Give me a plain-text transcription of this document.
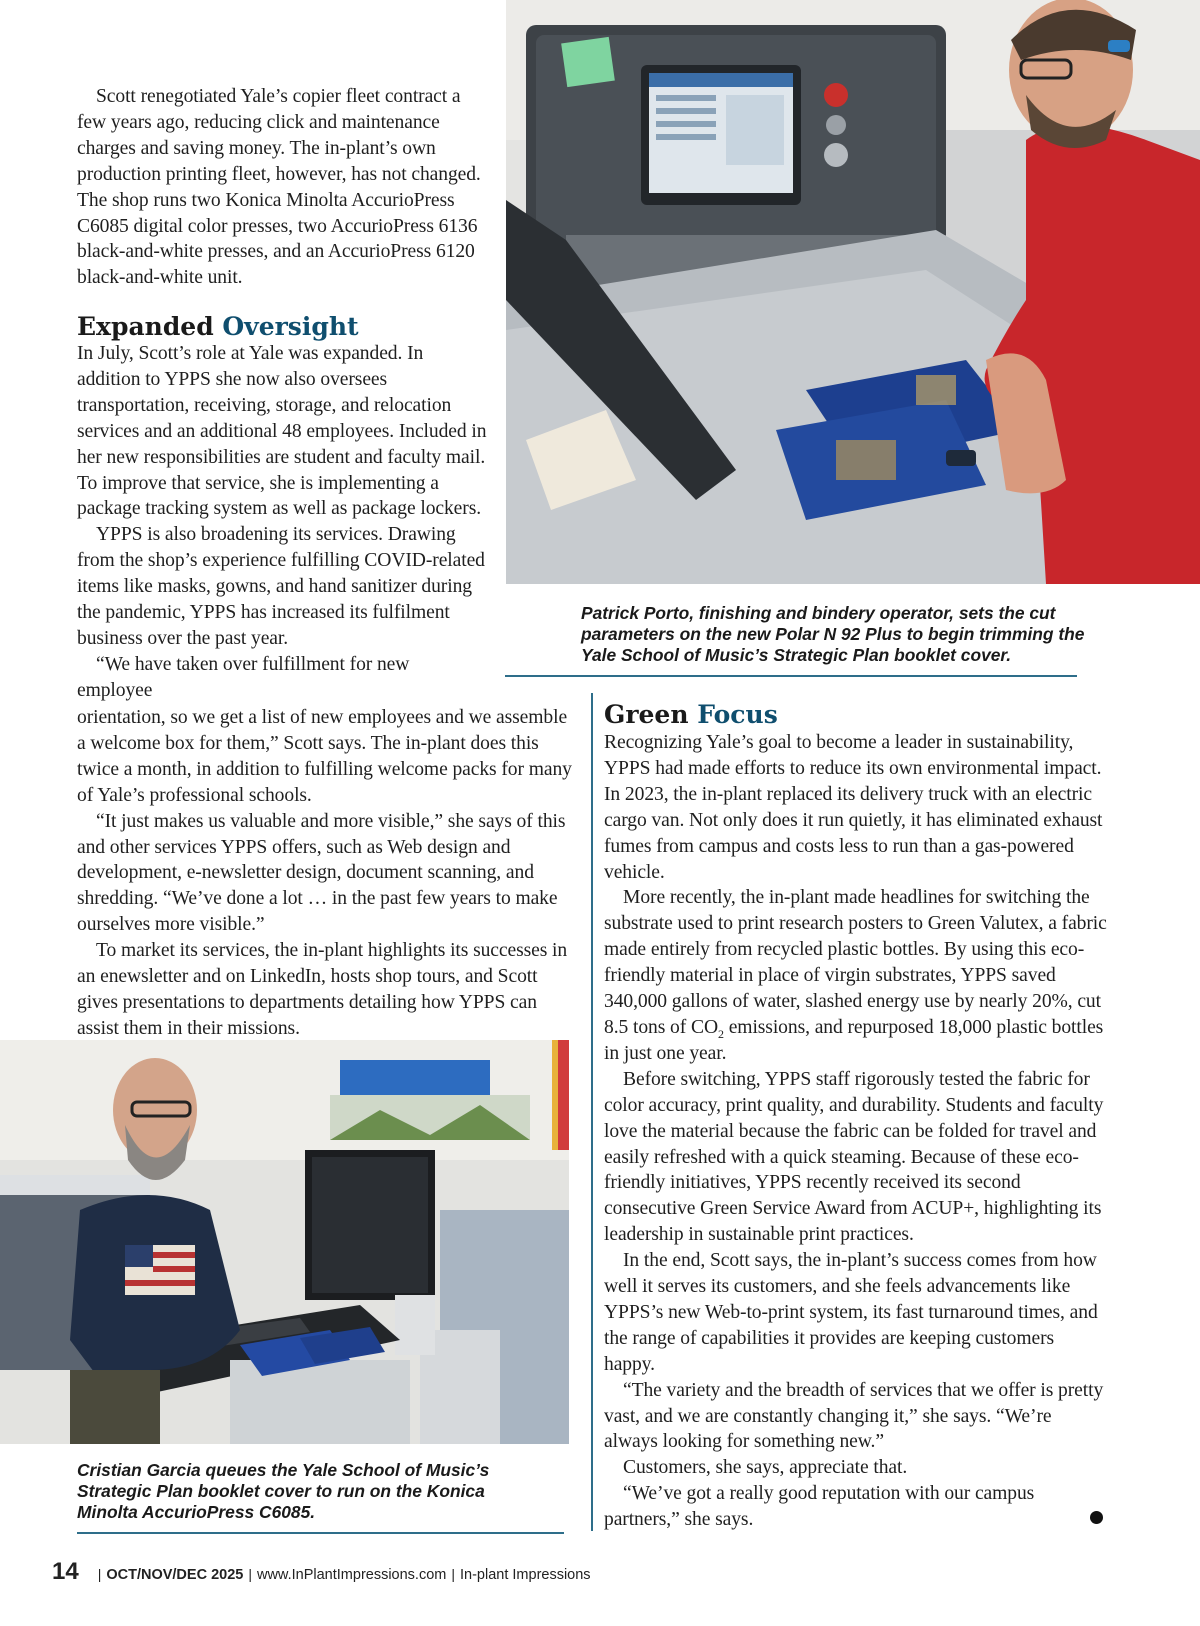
Scott renegotiated Yale’s copier fleet contract a few years ago, reducing click and maintenance charges and saving money. The in-plant’s own production printing fleet, however, has not changed. The shop runs two Konica Minolta AccurioPress C6085 digital color presses, two AccurioPress 6136 black-and-white presses, and an AccurioPress 6120 black-and-white unit.

Expanded Oversight

In July, Scott’s role at Yale was expanded. In addition to YPPS she now also oversees transportation, receiving, storage, and relocation services and an additional 48 employees. Included in her new responsibilities are student and faculty mail. To improve that service, she is implementing a package tracking system as well as package lockers.

YPPS is also broadening its services. Drawing from the shop’s experience fulfilling COVID-related items like masks, gowns, and hand sanitizer during the pandemic, YPPS has increased its fulfilment business over the past year.

“We have taken over fulfillment for new employee

orientation, so we get a list of new employees and we assemble a welcome box for them,” Scott says. The in-plant does this twice a month, in addition to fulfilling welcome packs for many of Yale’s professional schools.

“It just makes us valuable and more visible,” she says of this and other services YPPS offers, such as Web design and development, e-newsletter design, document scanning, and shredding. “We’ve done a lot … in the past few years to make ourselves more visible.”

To market its services, the in-plant highlights its successes in an enewsletter and on LinkedIn, hosts shop tours, and Scott gives presentations to departments detailing how YPPS can assist them in their missions.

Patrick Porto, finishing and bindery operator, sets the cut parameters on the new Polar N 92 Plus to begin trimming the Yale School of Music’s Strategic Plan booklet cover.

Cristian Garcia queues the Yale School of Music’s Strategic Plan booklet cover to run on the Konica Minolta AccurioPress C6085.

Green Focus

Recognizing Yale’s goal to become a leader in sustainability, YPPS had made efforts to reduce its own environmental impact. In 2023, the in-plant replaced its delivery truck with an electric cargo van. Not only does it run quietly, it has eliminated exhaust fumes from campus and costs less to run than a gas-powered vehicle.

More recently, the in-plant made headlines for switching the substrate used to print research posters to Green Valutex, a fabric made entirely from recycled plastic bottles. By using this eco-friendly material in place of virgin substrates, YPPS saved 340,000 gallons of water, slashed energy use by nearly 20%, cut 8.5 tons of $CO_2$ emissions, and repurposed 18,000 plastic bottles in just one year.

Before switching, YPPS staff rigorously tested the fabric for color accuracy, print quality, and durability. Students and faculty love the material because the fabric can be folded for travel and easily refreshed with a quick steaming. Because of these eco-friendly initiatives, YPPS recently received its second consecutive Green Service Award from ACUP+, highlighting its leadership in sustainable print practices.

In the end, Scott says, the in-plant’s success comes from how well it serves its customers, and she feels advancements like YPPS’s new Web-to-print system, its fast turnaround times, and the range of capabilities it provides are keeping customers happy.

“The variety and the breadth of services that we offer is pretty vast, and we are constantly changing it,” she says. “We’re always looking for something new.”

Customers, she says, appreciate that.

“We’ve got a really good reputation with our campus partners,” she says.

14 | OCT/NOV/DEC 2025 | www.InPlantImpressions.com | In-plant Impressions
